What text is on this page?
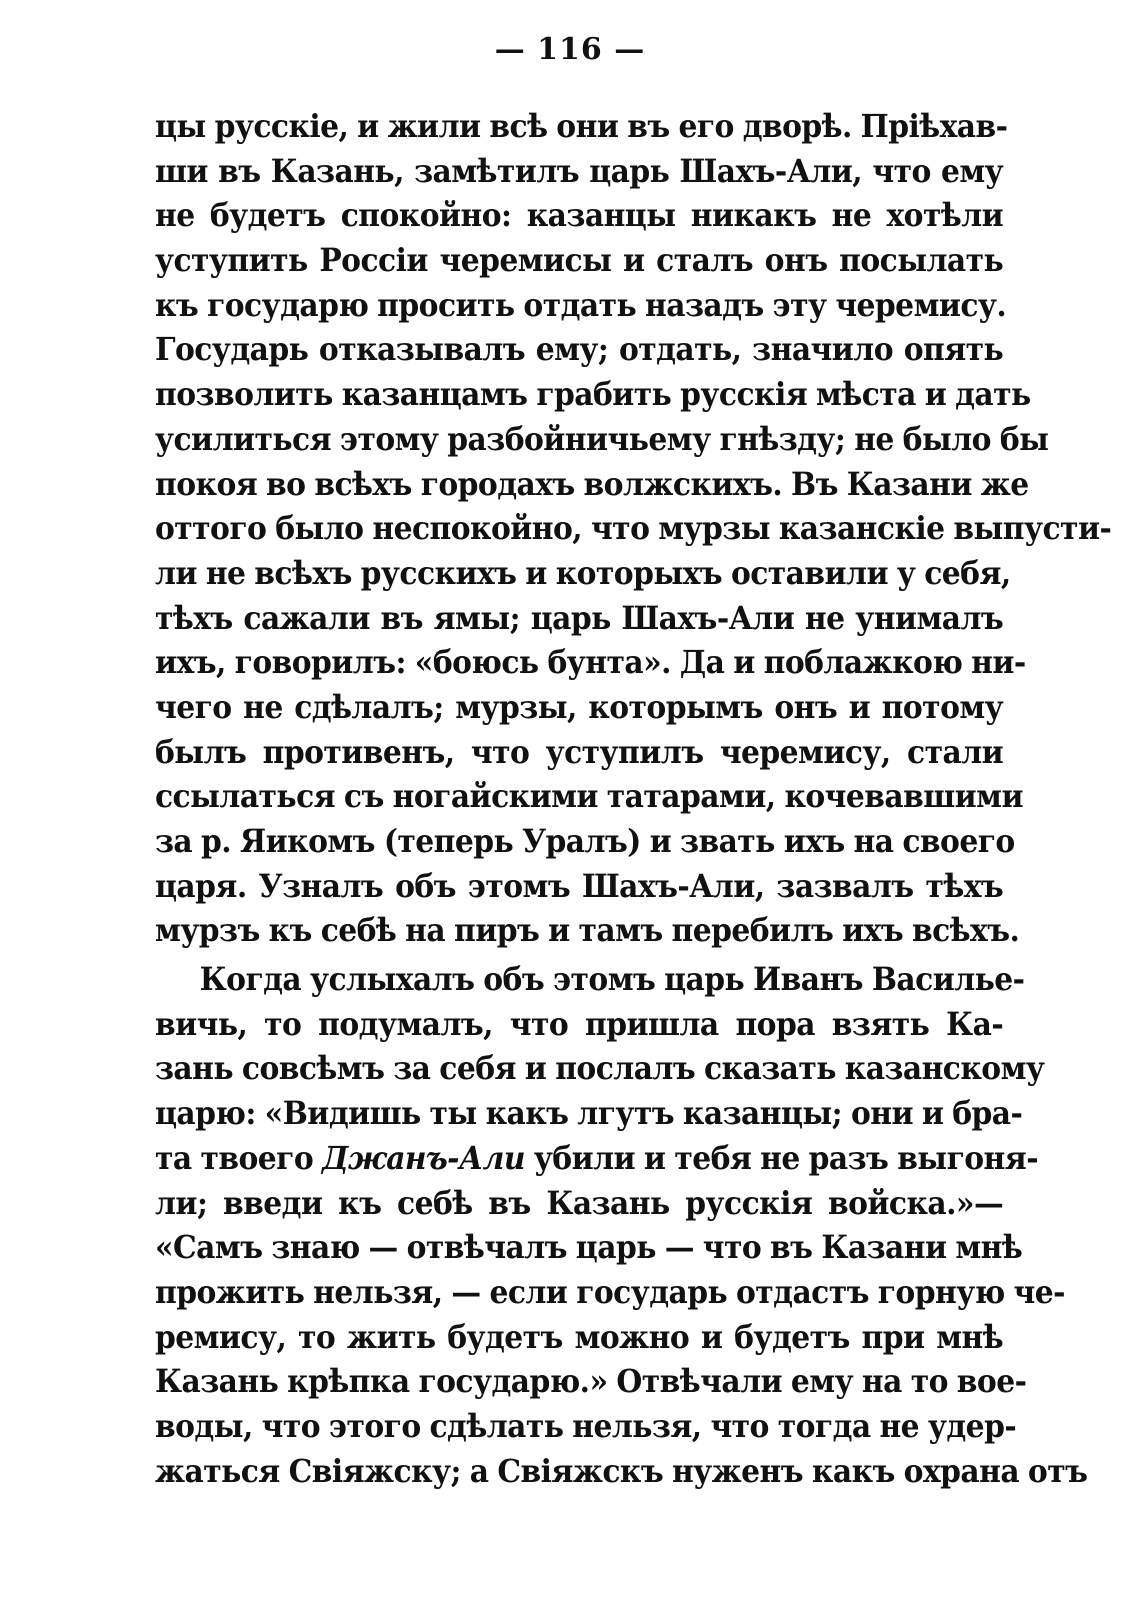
— 116 —
цы русскіе, и жили всѣ они въ его дворѣ. Пріѣхав-
ши въ Казань, замѣтилъ царь Шахъ-Али, что ему
не будетъ спокойно: казанцы никакъ не хотѣли
уступить Россіи черемисы и сталъ онъ посылать
къ государю просить отдать назадъ эту черемису.
Государь отказывалъ ему; отдать, значило опять
позволить казанцамъ грабить русскія мѣста и дать
усилиться этому разбойничьему гнѣзду; не было бы
покоя во всѣхъ городахъ волжскихъ. Въ Казани же
оттого было неспокойно, что мурзы казанскіе выпусти-
ли не всѣхъ русскихъ и которыхъ оставили у себя,
тѣхъ сажали въ ямы; царь Шахъ-Али не унималъ
ихъ, говорилъ: «боюсь бунта». Да и поблажкою ни-
чего не сдѣлалъ; мурзы, которымъ онъ и потому
былъ противенъ, что уступилъ черемису, стали
ссылаться съ ногайскими татарами, кочевавшими
за р. Яикомъ (теперь Уралъ) и звать ихъ на своего
царя. Узналъ объ этомъ Шахъ-Али, зазвалъ тѣхъ
мурзъ къ себѣ на пиръ и тамъ перебилъ ихъ всѣхъ.
Когда услыхалъ объ этомъ царь Иванъ Васильe-
вичь, то подумалъ, что пришла пора взять Ка-
зань совсѣмъ за себя и послалъ сказать казанскому
царю: «Видишь ты какъ лгутъ казанцы; они и бра-
та твоего Джанъ-Али убили и тебя не разъ выгоня-
ли; введи къ себѣ въ Казань русскія войска.»—
«Самъ знаю — отвѣчалъ царь — что въ Казани мнѣ
прожить нельзя, — если государь отдастъ горную че-
ремису, то жить будетъ можно и будетъ при мнѣ
Казань крѣпка государю.» Отвѣчали ему на то вое-
воды, что этого сдѣлать нельзя, что тогда не удер-
жаться Свіяжску; а Свіяжскъ нуженъ какъ охрана отъ
